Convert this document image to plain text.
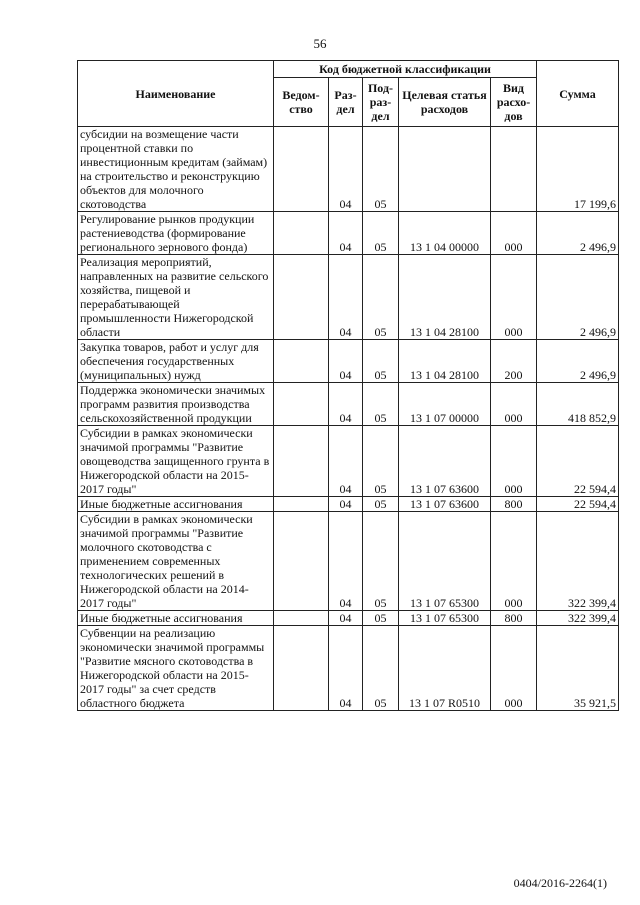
56
Наименование	Код бюджетной классификации					Сумма
	Ведом-ство	Раз-дел	Под-раз-дел	Целевая статья расходов	Вид расхо-дов	
субсидии на возмещение части процентной ставки по инвестиционным кредитам (займам) на строительство и реконструкцию объектов для молочного скотоводства		04	05			17 199,6
Регулирование рынков продукции растениеводства (формирование регионального зернового фонда)		04	05	13 1 04 00000	000	2 496,9
Реализация мероприятий, направленных на развитие сельского хозяйства, пищевой и перерабатывающей промышленности Нижегородской области		04	05	13 1 04 28100	000	2 496,9
Закупка товаров, работ и услуг для обеспечения государственных (муниципальных) нужд		04	05	13 1 04 28100	200	2 496,9
Поддержка экономически значимых программ развития производства сельскохозяйственной продукции		04	05	13 1 07 00000	000	418 852,9
Субсидии в рамках экономически значимой программы "Развитие овощеводства защищенного грунта в Нижегородской области на 2015-2017 годы"		04	05	13 1 07 63600	000	22 594,4
Иные бюджетные ассигнования		04	05	13 1 07 63600	800	22 594,4
Субсидии в рамках экономически значимой программы "Развитие молочного скотоводства с применением современных технологических решений в Нижегородской области на 2014-2017 годы"		04	05	13 1 07 65300	000	322 399,4
Иные бюджетные ассигнования		04	05	13 1 07 65300	800	322 399,4
Субвенции на реализацию экономически значимой программы "Развитие мясного скотоводства в Нижегородской области на 2015-2017 годы" за счет средств областного бюджета		04	05	13 1 07 R0510	000	35 921,5
0404/2016-2264(1)
